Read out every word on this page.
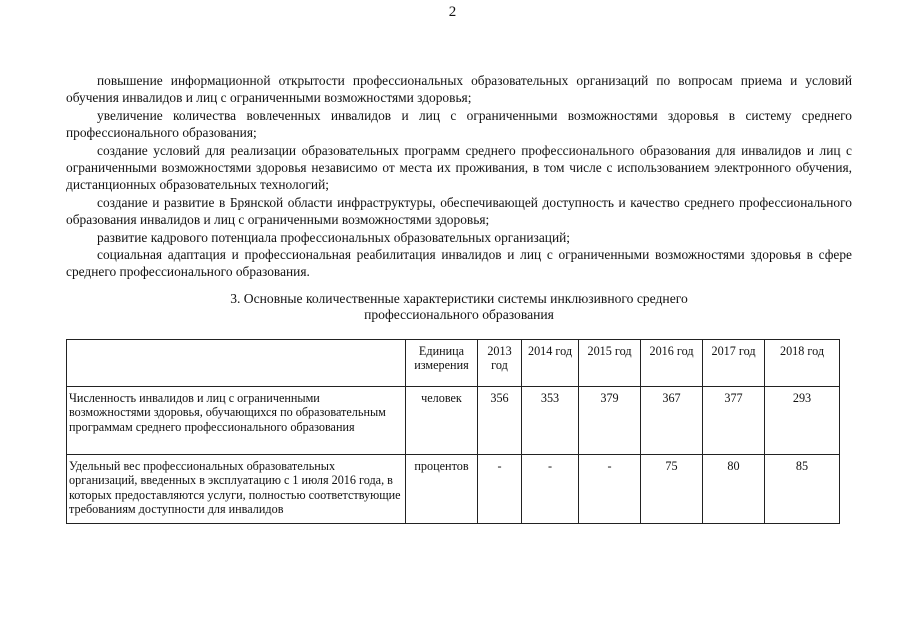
2

повышение информационной открытости профессиональных образовательных организаций по вопросам приема и условий обучения инвалидов и лиц с ограниченными возможностями здоровья;

увеличение количества вовлеченных инвалидов и лиц с ограниченными возможностями здоровья в систему среднего профессионального образования;

создание условий для реализации образовательных программ среднего профессионального образования для инвалидов и лиц с ограниченными возможностями здоровья независимо от места их проживания, в том числе с использованием электронного обучения, дистанционных образовательных технологий;

создание и развитие в Брянской области инфраструктуры, обеспечивающей доступность и качество среднего профессионального образования инвалидов и лиц с ограниченными возможностями здоровья;

развитие кадрового потенциала профессиональных образовательных организаций;

социальная адаптация и профессиональная реабилитация инвалидов и лиц с ограниченными возможностями здоровья в сфере среднего профессионального образования.

3. Основные количественные характеристики системы инклюзивного среднего
профессионального образования
	Единица измерения	2013 год	2014 год	2015 год	2016 год	2017 год	2018 год
Численность инвалидов и лиц с ограниченными возможностями здоровья, обучающихся по образовательным программам среднего профессионального образования	человек	356	353	379	367	377	293
Удельный вес профессиональных образовательных организаций, введенных в эксплуатацию с 1 июля 2016 года, в которых предоставляются услуги, полностью соответствующие требованиям доступности для инвалидов	процентов	-	-	-	75	80	85
